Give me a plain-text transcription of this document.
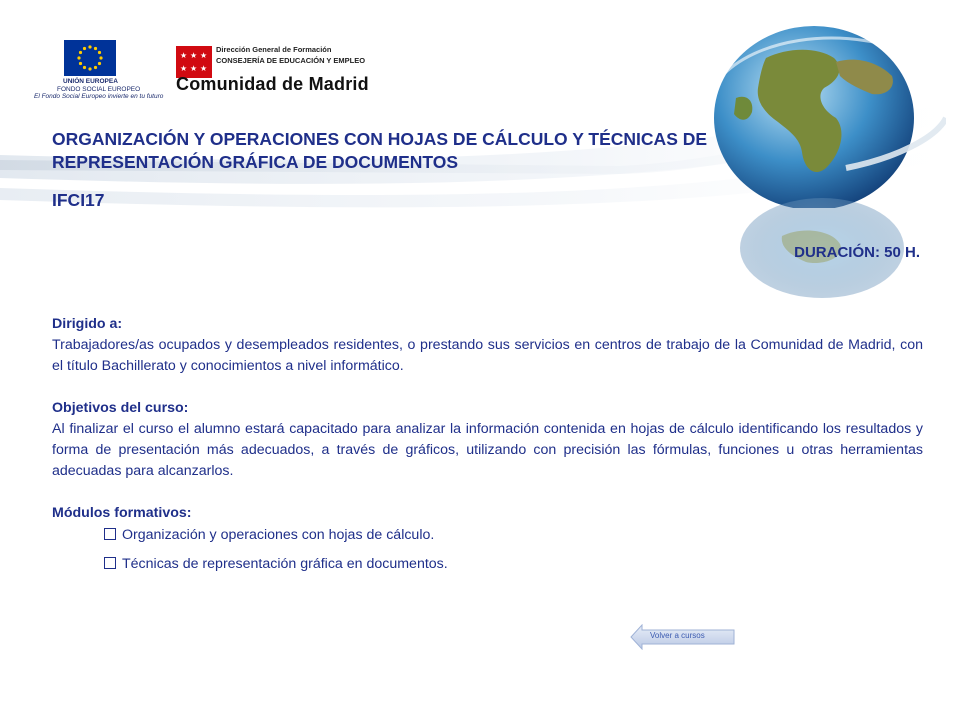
UNIÓN EUROPEA
FONDO SOCIAL EUROPEO
El Fondo Social Europeo invierte en tu futuro
★ ★ ★
★ ★ ★
Dirección General de Formación
CONSEJERÍA DE EDUCACIÓN Y EMPLEO
Comunidad de Madrid
ORGANIZACIÓN Y OPERACIONES CON HOJAS DE CÁLCULO Y TÉCNICAS DE REPRESENTACIÓN GRÁFICA DE DOCUMENTOS
IFCI17
DURACIÓN: 50 H.
Dirigido a:
Trabajadores/as ocupados y desempleados residentes, o prestando sus servicios en centros de trabajo de la Comunidad de Madrid, con el título Bachillerato y conocimientos a nivel informático.
Objetivos del curso:
Al finalizar el curso el alumno estará capacitado para analizar la información contenida en hojas de cálculo identificando los resultados y forma de presentación más adecuados, a través de gráficos, utilizando con precisión las fórmulas, funciones u otras herramientas adecuadas para alcanzarlos.
Módulos formativos:
Organización y operaciones con hojas de cálculo.
Técnicas de representación gráfica en documentos.
Volver a cursos
